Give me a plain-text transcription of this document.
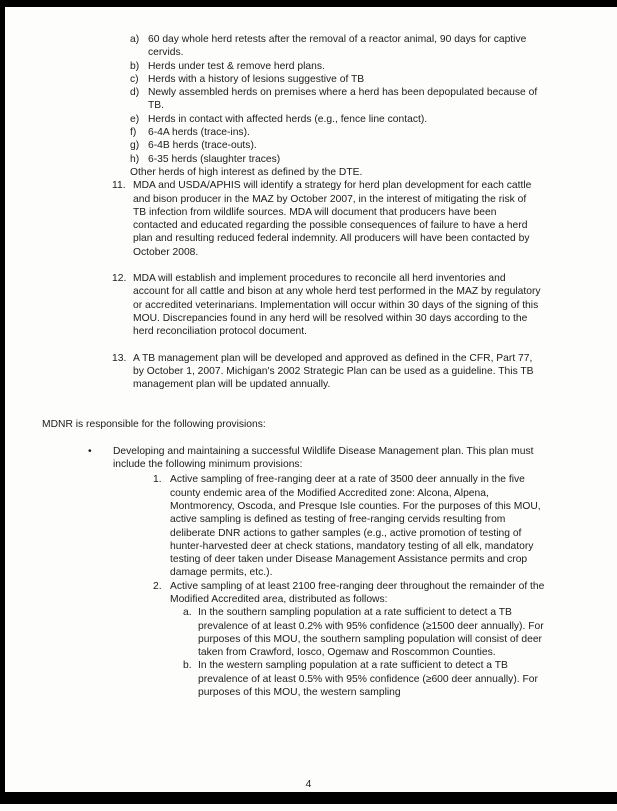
a) 60 day whole herd retests after the removal of a reactor animal, 90 days for captive cervids.
b) Herds under test & remove herd plans.
c) Herds with a history of lesions suggestive of TB
d) Newly assembled herds on premises where a herd has been depopulated because of TB.
e) Herds in contact with affected herds (e.g., fence line contact).
f)	6-4A herds (trace-ins).
g) 6-4B herds (trace-outs).
h) 6-35 herds (slaughter traces)
Other herds of high interest as defined by the DTE.
11. MDA and USDA/APHIS will identify a strategy for herd plan development for each cattle and bison producer in the MAZ by October 2007, in the interest of mitigating the risk of TB infection from wildlife sources. MDA will document that producers have been contacted and educated regarding the possible consequences of failure to have a herd plan and resulting reduced federal indemnity. All producers will have been contacted by October 2008.
12. MDA will establish and implement procedures to reconcile all herd inventories and account for all cattle and bison at any whole herd test performed in the MAZ by regulatory or accredited veterinarians. Implementation will occur within 30 days of the signing of this MOU. Discrepancies found in any herd will be resolved within 30 days according to the herd reconciliation protocol document.
13. A TB management plan will be developed and approved as defined in the CFR, Part 77, by October 1, 2007. Michigan's 2002 Strategic Plan can be used as a guideline. This TB management plan will be updated annually.

MDNR is responsible for the following provisions:

•	Developing and maintaining a successful Wildlife Disease Management plan. This plan must include the following minimum provisions:
1. Active sampling of free-ranging deer at a rate of 3500 deer annually in the five county endemic area of the Modified Accredited zone: Alcona, Alpena, Montmorency, Oscoda, and Presque Isle counties. For the purposes of this MOU, active sampling is defined as testing of free-ranging cervids resulting from deliberate DNR actions to gather samples (e.g., active promotion of testing of hunter-harvested deer at check stations, mandatory testing of all elk, mandatory testing of deer taken under Disease Management Assistance permits and crop damage permits, etc.).
2. Active sampling of at least 2100 free-ranging deer throughout the remainder of the Modified Accredited area, distributed as follows:
a. In the southern sampling population at a rate sufficient to detect a TB prevalence of at least 0.2% with 95% confidence (≥1500 deer annually). For purposes of this MOU, the southern sampling population will consist of deer taken from Crawford, Iosco, Ogemaw and Roscommon Counties.
b. In the western sampling population at a rate sufficient to detect a TB prevalence of at least 0.5% with 95% confidence (≥600 deer annually). For purposes of this MOU, the western sampling
4
